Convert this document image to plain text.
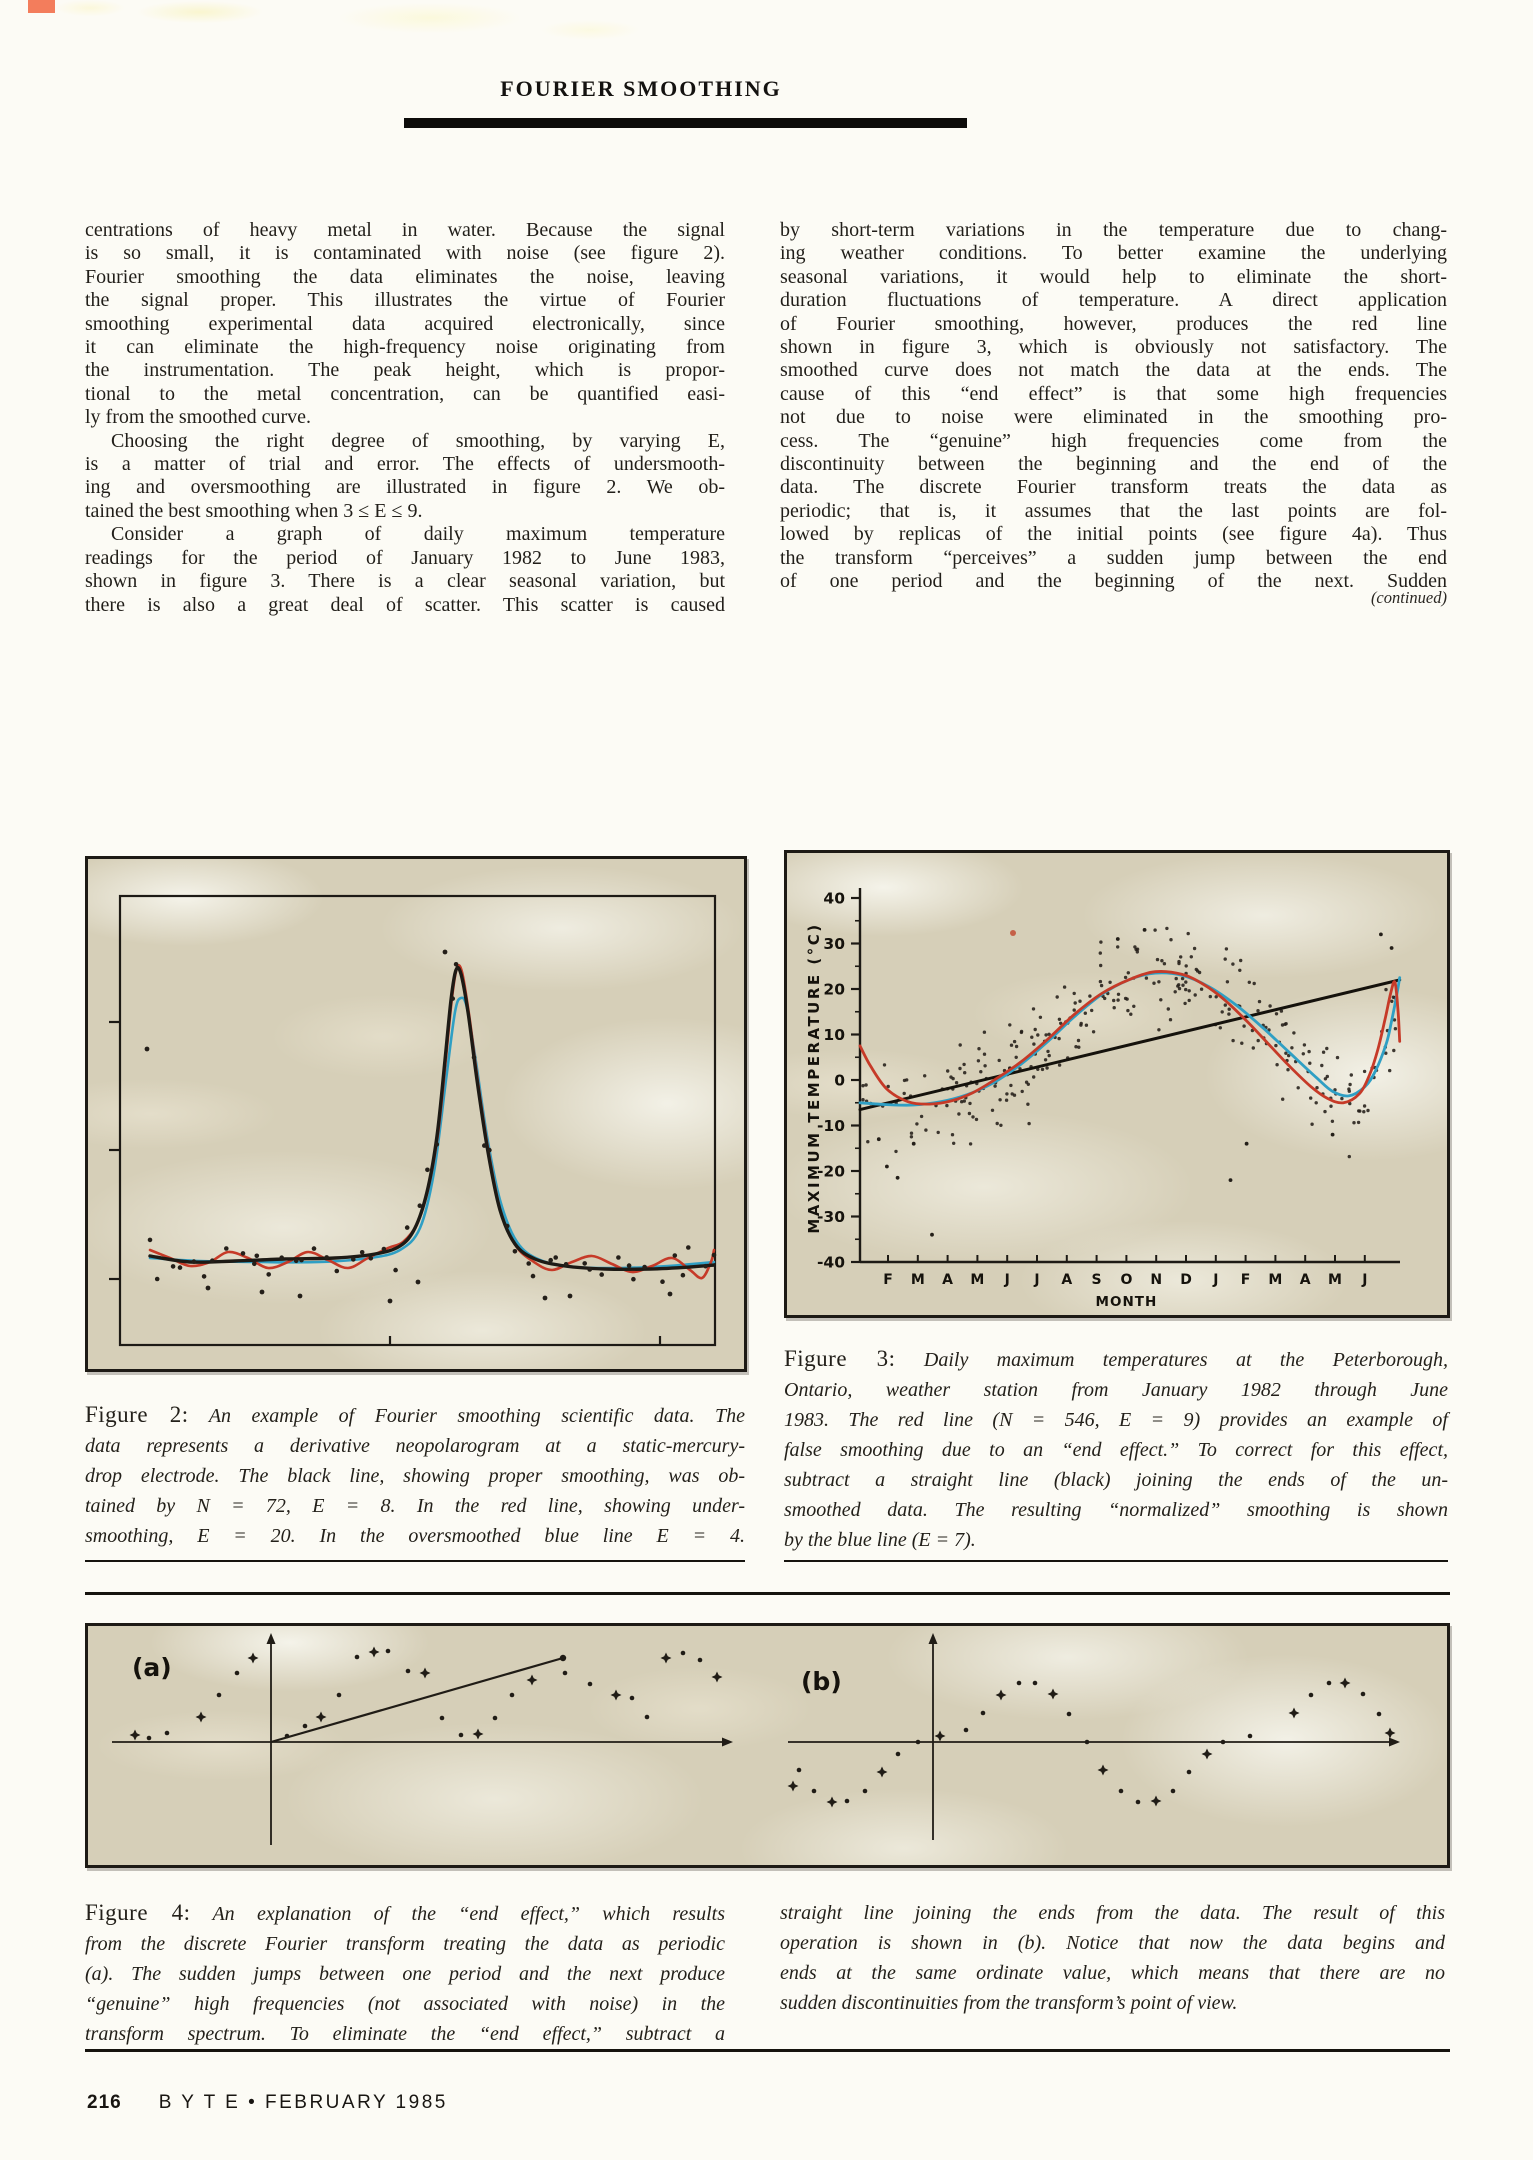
FOURIER SMOOTHING
centrations of heavy metal in water. Because the signal
is so small, it is contaminated with noise (see figure 2).
Fourier smoothing the data eliminates the noise, leaving
the signal proper. This illustrates the virtue of Fourier
smoothing experimental data acquired electronically, since
it can eliminate the high-frequency noise originating from
the instrumentation. The peak height, which is propor-
tional to the metal concentration, can be quantified easi-
ly from the smoothed curve.
Choosing the right degree of smoothing, by varying E,
is a matter of trial and error. The effects of undersmooth-
ing and oversmoothing are illustrated in figure 2. We ob-
tained the best smoothing when 3 ≤ E ≤ 9.
Consider a graph of daily maximum temperature
readings for the period of January 1982 to June 1983,
shown in figure 3. There is a clear seasonal variation, but
there is also a great deal of scatter. This scatter is caused
by short-term variations in the temperature due to chang-
ing weather conditions. To better examine the underlying
seasonal variations, it would help to eliminate the short-
duration fluctuations of temperature. A direct application
of Fourier smoothing, however, produces the red line
shown in figure 3, which is obviously not satisfactory. The
smoothed curve does not match the data at the ends. The
cause of this “end effect” is that some high frequencies
not due to noise were eliminated in the smoothing pro-
cess. The “genuine” high frequencies come from the
discontinuity between the beginning and the end of the
data. The discrete Fourier transform treats the data as
periodic; that is, it assumes that the last points are fol-
lowed by replicas of the initial points (see figure 4a). Thus
the transform “perceives” a sudden jump between the end
of one period and the beginning of the next. Sudden
(continued)
40
30
20
10
0
-10
-20
-30
-40
F M A M J J A S O N D J F M A M J
MONTH
MAXIMUM TEMPERATURE (°C)
(a)	(b)
Figure 2: An example of Fourier smoothing scientific data. The
data represents a derivative neopolarogram at a static-mercury-
drop electrode. The black line, showing proper smoothing, was ob-
tained by N = 72, E = 8. In the red line, showing under-
smoothing, E = 20. In the oversmoothed blue line E = 4.
Figure 3: Daily maximum temperatures at the Peterborough,
Ontario, weather station from January 1982 through June
1983. The red line (N = 546, E = 9) provides an example of
false smoothing due to an “end effect.” To correct for this effect,
subtract a straight line (black) joining the ends of the un-
smoothed data. The resulting “normalized” smoothing is shown
by the blue line (E = 7).
Figure 4: An explanation of the “end effect,” which results
from the discrete Fourier transform treating the data as periodic
(a). The sudden jumps between one period and the next produce
“genuine” high frequencies (not associated with noise) in the
transform spectrum. To eliminate the “end effect,” subtract a
straight line joining the ends from the data. The result of this
operation is shown in (b). Notice that now the data begins and
ends at the same ordinate value, which means that there are no
sudden discontinuities from the transform’s point of view.
216 B Y T E • FEBRUARY 1985
